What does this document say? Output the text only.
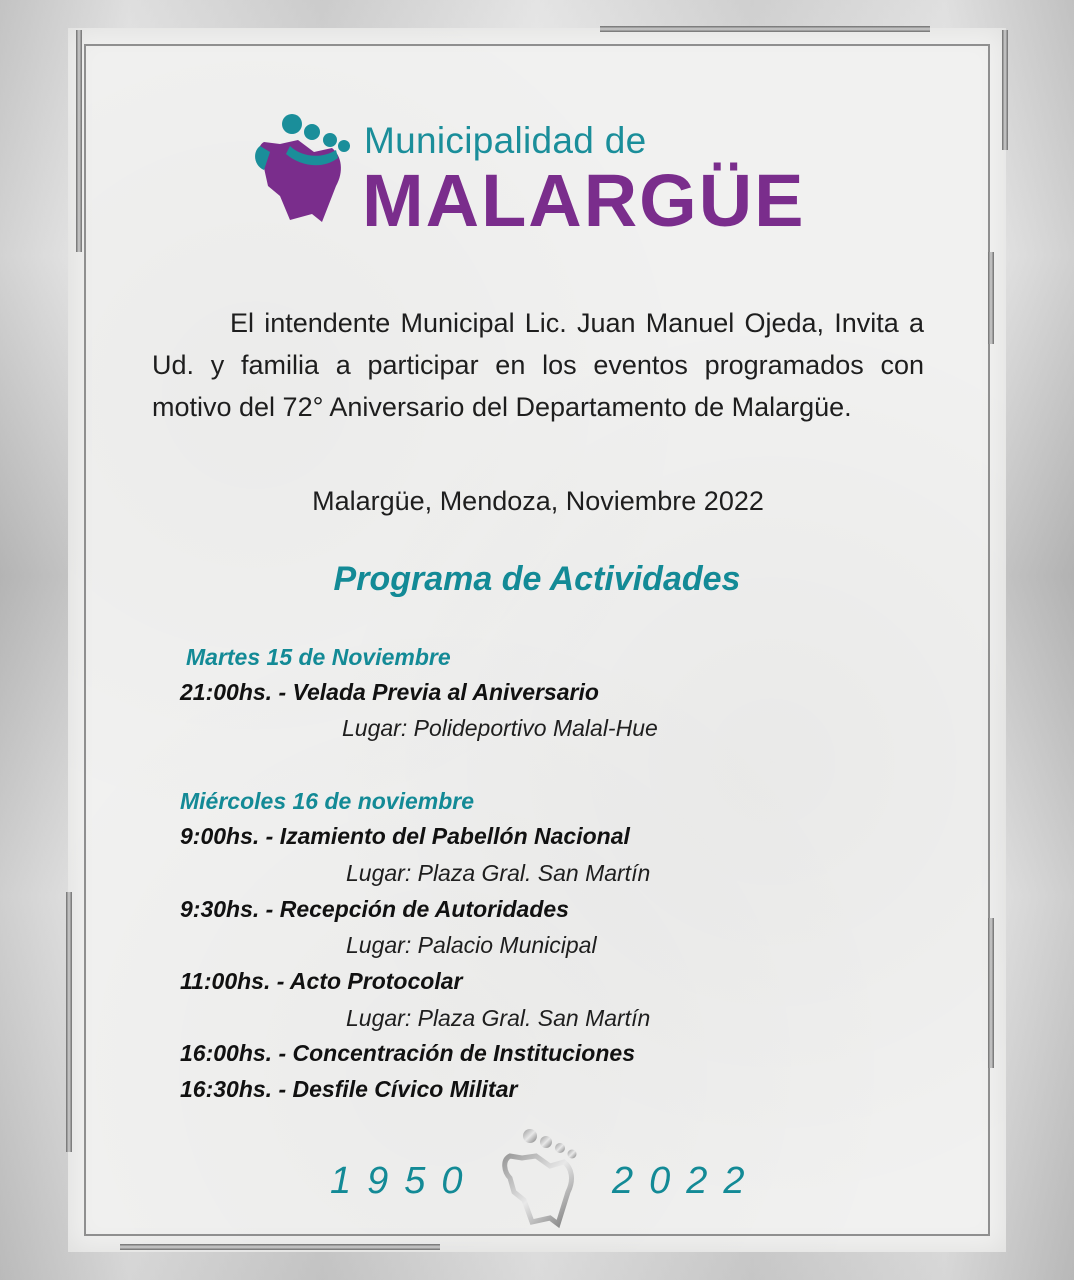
Municipalidad de
MALARGÜE
El intendente Municipal Lic. Juan Manuel Ojeda, Invita a Ud. y familia a participar en los eventos programados con motivo del 72° Aniversario del Departamento de Malargüe.
Malargüe, Mendoza, Noviembre 2022
Programa de Actividades
Martes 15 de Noviembre
21:00hs. - Velada Previa al Aniversario
Lugar: Polideportivo Malal-Hue
Miércoles 16 de noviembre
9:00hs. - Izamiento del Pabellón Nacional
Lugar: Plaza Gral. San Martín
9:30hs. - Recepción de Autoridades
Lugar: Palacio Municipal
11:00hs. - Acto Protocolar
Lugar: Plaza Gral. San Martín
16:00hs. - Concentración de Instituciones
16:30hs. - Desfile Cívico Militar
1950	2022
